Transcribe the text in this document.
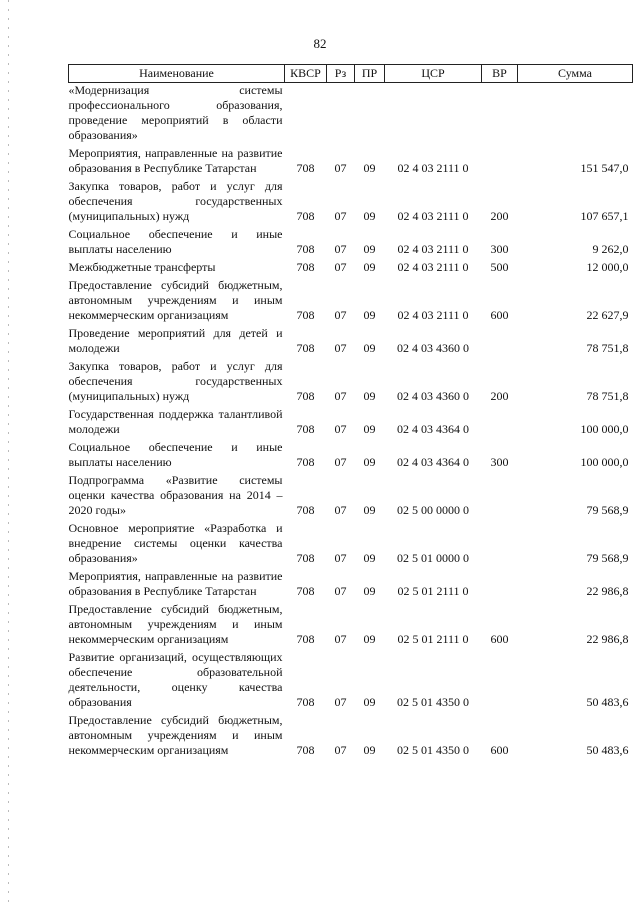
82
Наименование	КВСР	Рз	ПР	ЦСР	ВР	Сумма
«Модернизация системы профессионального образования, проведение мероприятий в области образования»						
Мероприятия, направленные на развитие образования в Республике Татарстан	708	07	09	02 4 03 2111 0		151 547,0
Закупка товаров, работ и услуг для обеспечения государственных (муниципальных) нужд	708	07	09	02 4 03 2111 0	200	107 657,1
Социальное обеспечение и иные выплаты населению	708	07	09	02 4 03 2111 0	300	9 262,0
Межбюджетные трансферты	708	07	09	02 4 03 2111 0	500	12 000,0
Предоставление субсидий бюджетным, автономным учреждениям и иным некоммерческим организациям	708	07	09	02 4 03 2111 0	600	22 627,9
Проведение мероприятий для детей и молодежи	708	07	09	02 4 03 4360 0		78 751,8
Закупка товаров, работ и услуг для обеспечения государственных (муниципальных) нужд	708	07	09	02 4 03 4360 0	200	78 751,8
Государственная поддержка талантливой молодежи	708	07	09	02 4 03 4364 0		100 000,0
Социальное обеспечение и иные выплаты населению	708	07	09	02 4 03 4364 0	300	100 000,0
Подпрограмма «Развитие системы оценки качества образования на 2014 – 2020 годы»	708	07	09	02 5 00 0000 0		79 568,9
Основное мероприятие «Разработка и внедрение системы оценки качества образования»	708	07	09	02 5 01 0000 0		79 568,9
Мероприятия, направленные на развитие образования в Республике Татарстан	708	07	09	02 5 01 2111 0		22 986,8
Предоставление субсидий бюджетным, автономным учреждениям и иным некоммерческим организациям	708	07	09	02 5 01 2111 0	600	22 986,8
Развитие организаций, осуществляющих обеспечение образовательной деятельности, оценку качества образования	708	07	09	02 5 01 4350 0		50 483,6
Предоставление субсидий бюджетным, автономным учреждениям и иным некоммерческим организациям	708	07	09	02 5 01 4350 0	600	50 483,6
